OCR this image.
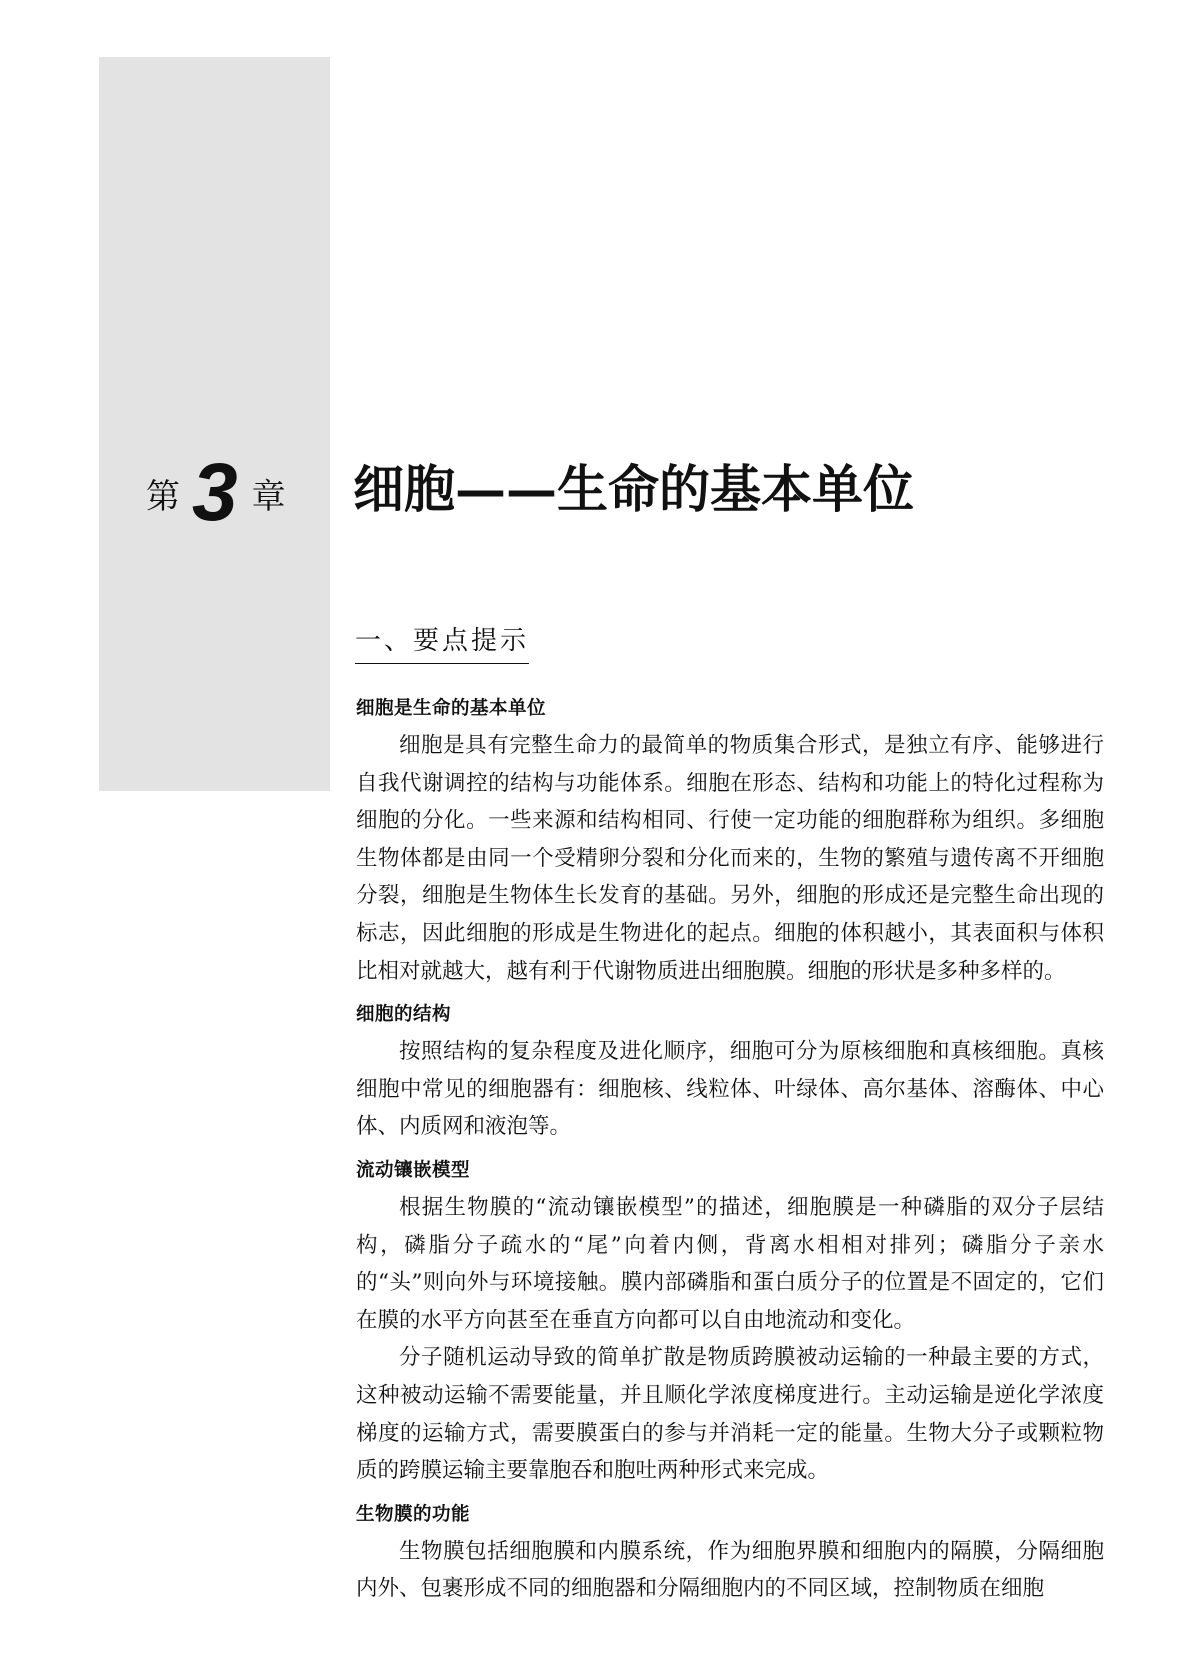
第 3 章 细胞——生命的基本单位
一、要点提示
细胞是生命的基本单位

细胞是具有完整生命力的最简单的物质集合形式，是独立有序、能够进行自我代谢调控的结构与功能体系。细胞在形态、结构和功能上的特化过程称为细胞的分化。一些来源和结构相同、行使一定功能的细胞群称为组织。多细胞生物体都是由同一个受精卵分裂和分化而来的，生物的繁殖与遗传离不开细胞分裂，细胞是生物体生长发育的基础。另外，细胞的形成还是完整生命出现的标志，因此细胞的形成是生物进化的起点。细胞的体积越小，其表面积与体积比相对就越大，越有利于代谢物质进出细胞膜。细胞的形状是多种多样的。

细胞的结构

按照结构的复杂程度及进化顺序，细胞可分为原核细胞和真核细胞。真核细胞中常见的细胞器有：细胞核、线粒体、叶绿体、高尔基体、溶酶体、中心体、内质网和液泡等。

流动镶嵌模型

根据生物膜的“流动镶嵌模型”的描述，细胞膜是一种磷脂的双分子层结构，磷脂分子疏水的“尾”向着内侧，背离水相相对排列；磷脂分子亲水的“头”则向外与环境接触。膜内部磷脂和蛋白质分子的位置是不固定的，它们在膜的水平方向甚至在垂直方向都可以自由地流动和变化。

分子随机运动导致的简单扩散是物质跨膜被动运输的一种最主要的方式，这种被动运输不需要能量，并且顺化学浓度梯度进行。主动运输是逆化学浓度梯度的运输方式，需要膜蛋白的参与并消耗一定的能量。生物大分子或颗粒物质的跨膜运输主要靠胞吞和胞吐两种形式来完成。

生物膜的功能

生物膜包括细胞膜和内膜系统，作为细胞界膜和细胞内的隔膜，分隔细胞内外、包裹形成不同的细胞器和分隔细胞内的不同区域，控制物质在细胞
